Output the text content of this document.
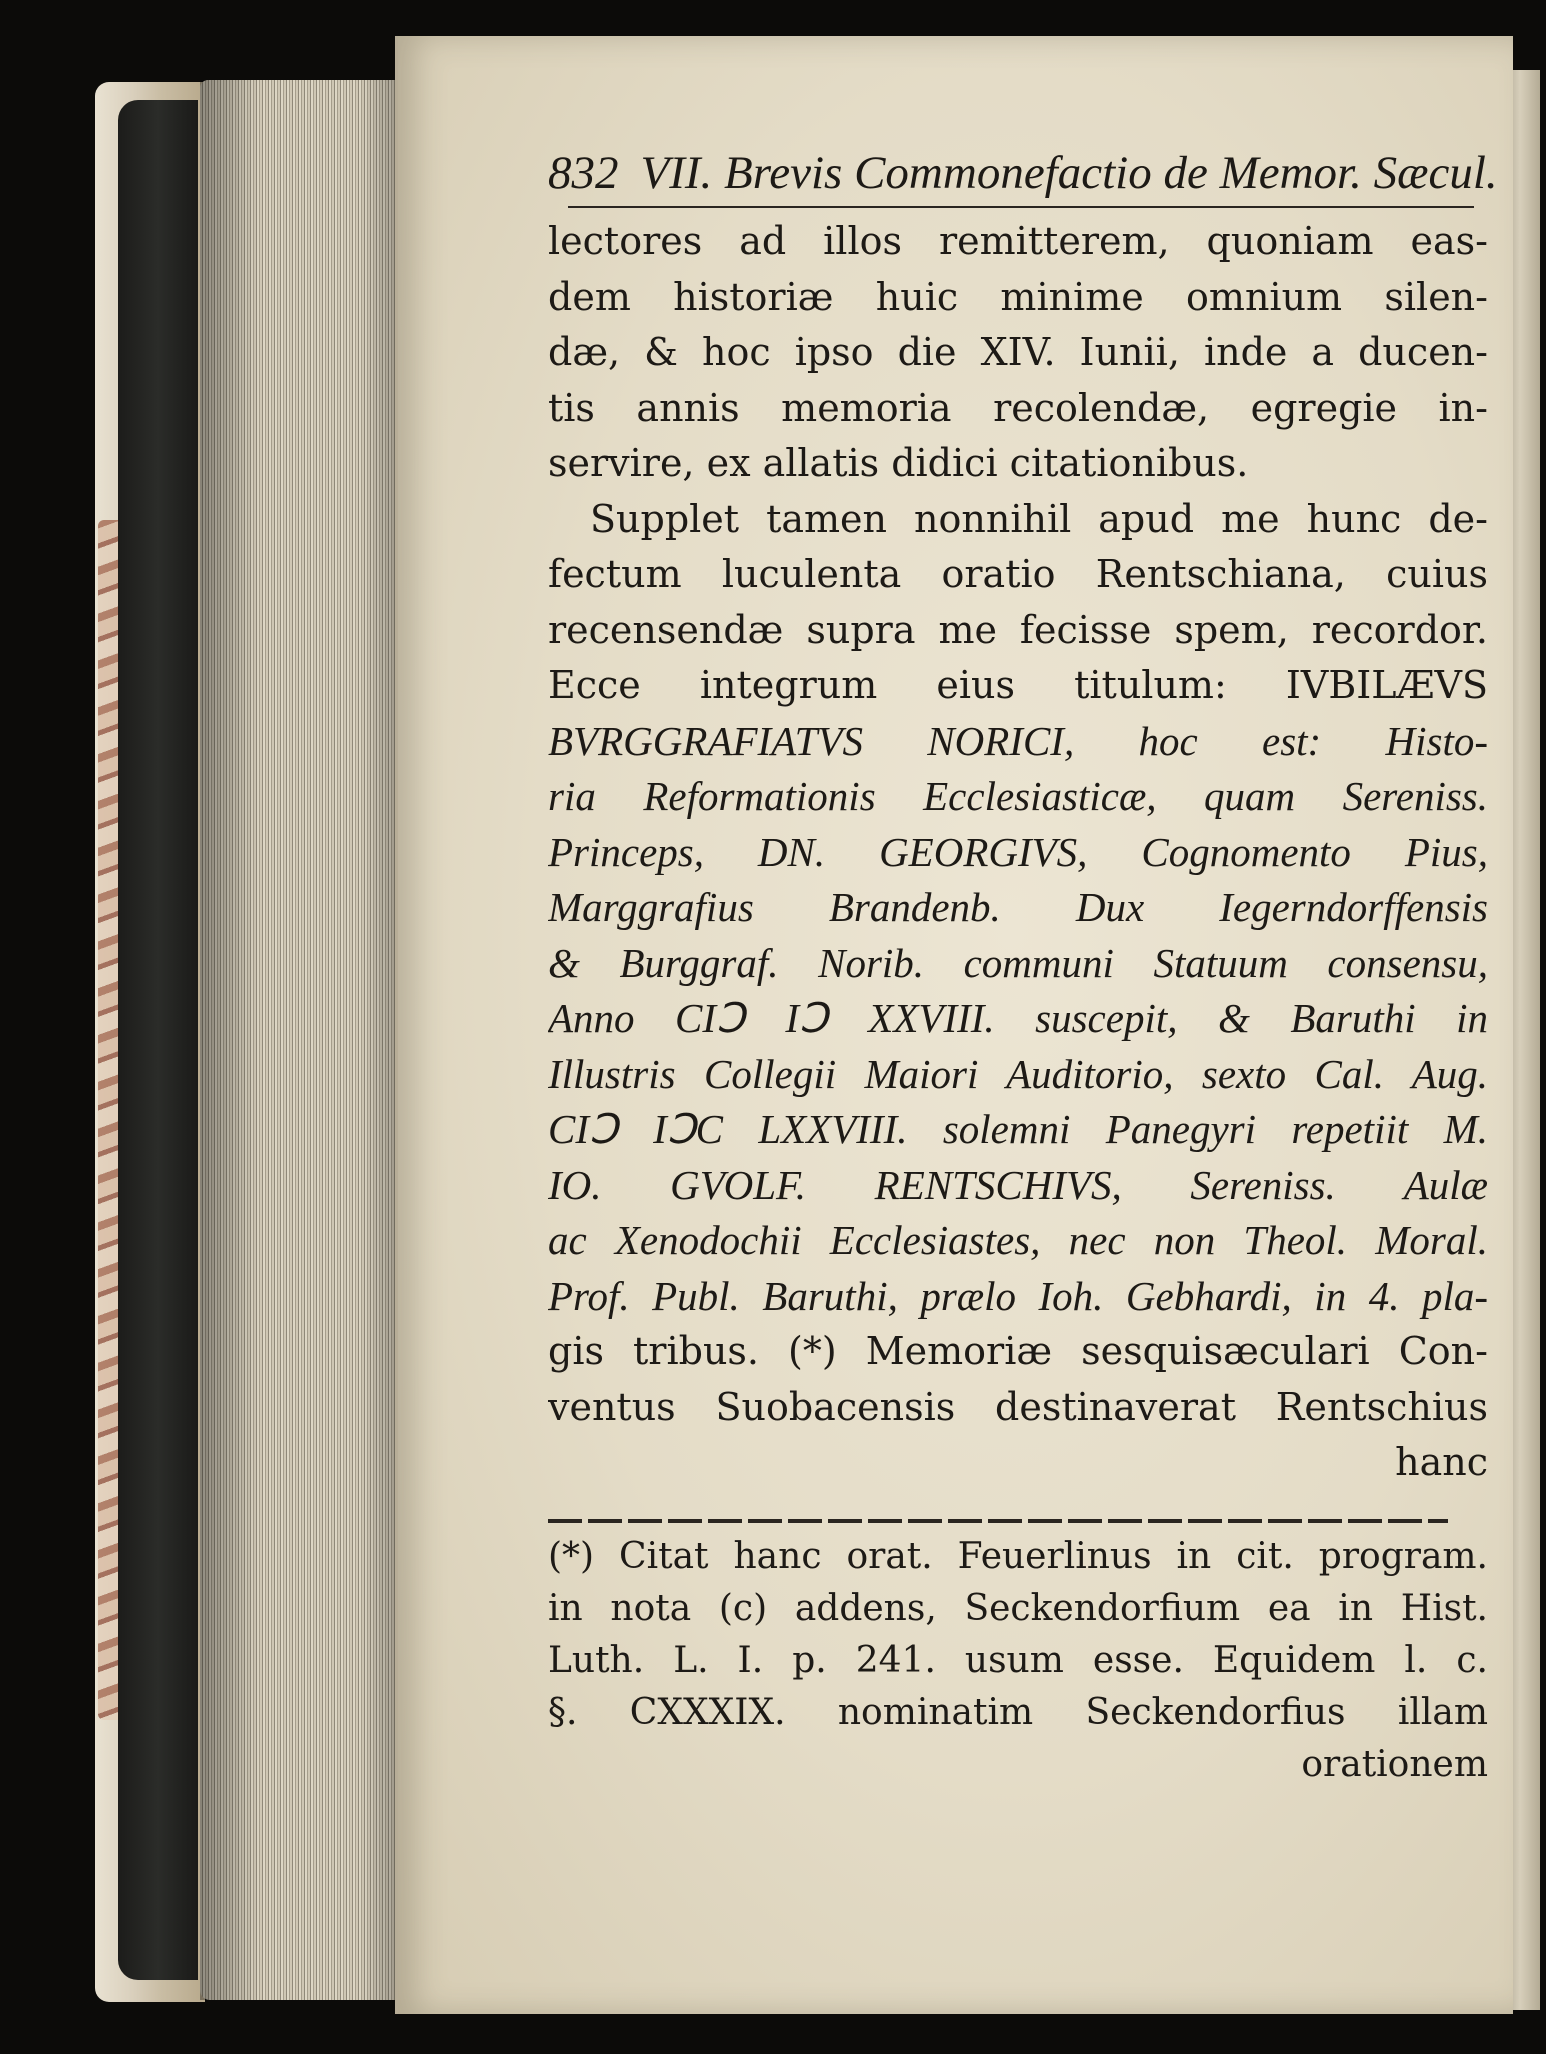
832 VII. Brevis Commonefactio de Memor. Sæcul.
lectores ad illos remitterem, quoniam eas-
dem historiæ huic minime omnium silen-
dæ, & hoc ipso die XIV. Iunii, inde a ducen-
tis annis memoria recolendæ, egregie in-
servire, ex allatis didici citationibus.
Supplet tamen nonnihil apud me hunc de-
fectum luculenta oratio Rentschiana, cuius
recensendæ supra me fecisse spem, recordor.
Ecce integrum eius titulum: IVBILÆVS
BVRGGRAFIATVS NORICI, hoc est: Histo-
ria Reformationis Ecclesiasticæ, quam Sereniss.
Princeps, DN. GEORGIVS, Cognomento Pius,
Marggrafius Brandenb. Dux Iegerndorffensis
& Burggraf. Norib. communi Statuum consensu,
Anno CIↃ IↃ XXVIII. suscepit, & Baruthi in
Illustris Collegii Maiori Auditorio, sexto Cal. Aug.
CIↃ IↃC LXXVIII. solemni Panegyri repetiit M.
IO. GVOLF. RENTSCHIVS, Sereniss. Aulæ
ac Xenodochii Ecclesiastes, nec non Theol. Moral.
Prof. Publ. Baruthi, prælo Ioh. Gebhardi, in 4. pla-
gis tribus. (*) Memoriæ sesquisæculari Con-
ventus Suobacensis destinaverat Rentschius
hanc
(*) Citat hanc orat. Feuerlinus in cit. program.
in nota (c) addens, Seckendorfium ea in Hist.
Luth. L. I. p. 241. usum esse. Equidem l. c.
§. CXXXIX. nominatim Seckendorfius illam
orationem
